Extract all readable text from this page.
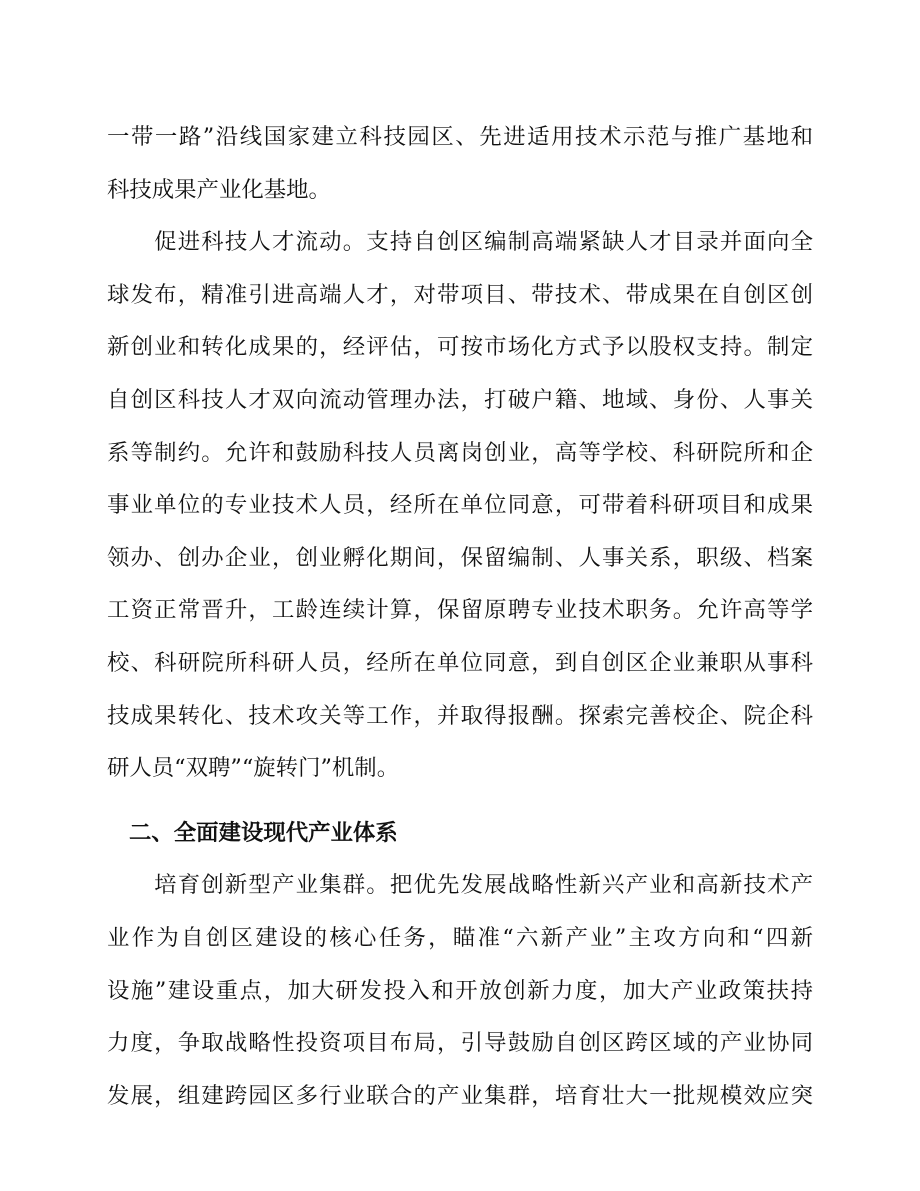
一带一路”沿线国家建立科技园区、先进适用技术示范与推广基地和
科技成果产业化基地。
　　促进科技人才流动。支持自创区编制高端紧缺人才目录并面向全
球发布，精准引进高端人才，对带项目、带技术、带成果在自创区创
新创业和转化成果的，经评估，可按市场化方式予以股权支持。制定
自创区科技人才双向流动管理办法，打破户籍、地域、身份、人事关
系等制约。允许和鼓励科技人员离岗创业，高等学校、科研院所和企
事业单位的专业技术人员，经所在单位同意，可带着科研项目和成果
领办、创办企业，创业孵化期间，保留编制、人事关系，职级、档案
工资正常晋升，工龄连续计算，保留原聘专业技术职务。允许高等学
校、科研院所科研人员，经所在单位同意，到自创区企业兼职从事科
技成果转化、技术攻关等工作，并取得报酬。探索完善校企、院企科
研人员“双聘”“旋转门”机制。
二、全面建设现代产业体系
　　培育创新型产业集群。把优先发展战略性新兴产业和高新技术产
业作为自创区建设的核心任务，瞄准“六新产业”主攻方向和“四新
设施”建设重点，加大研发投入和开放创新力度，加大产业政策扶持
力度，争取战略性投资项目布局，引导鼓励自创区跨区域的产业协同
发展，组建跨园区多行业联合的产业集群，培育壮大一批规模效应突
